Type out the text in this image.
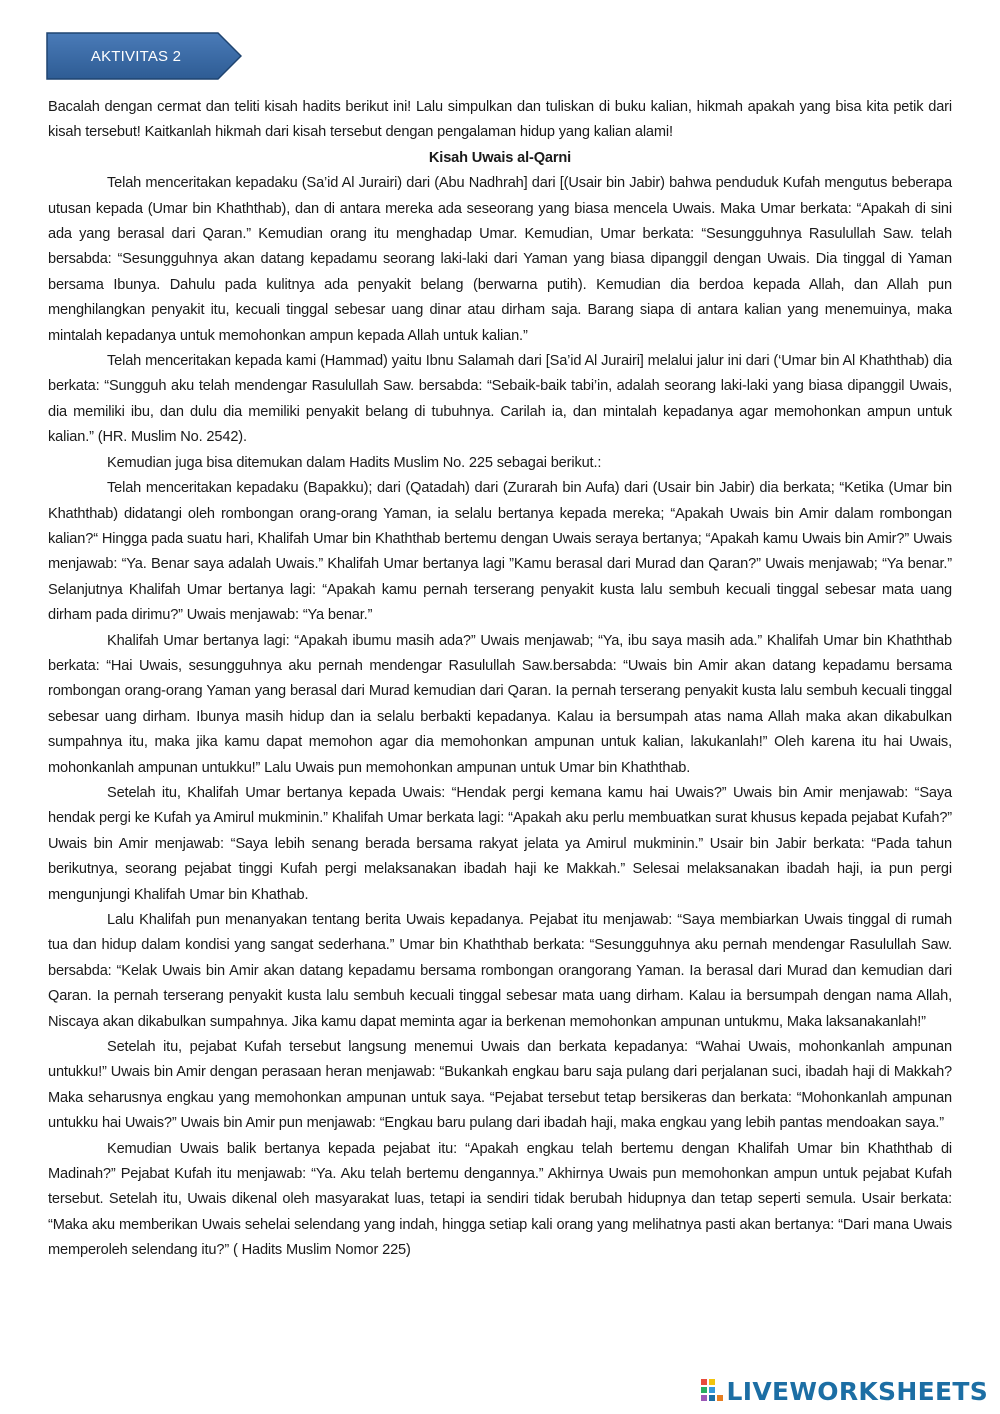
AKTIVITAS 2

Bacalah dengan cermat dan teliti kisah hadits berikut ini! Lalu simpulkan dan tuliskan di buku kalian, hikmah apakah yang bisa kita petik dari kisah tersebut! Kaitkanlah hikmah dari kisah tersebut dengan pengalaman hidup yang kalian alami!

Kisah Uwais al-Qarni

Telah menceritakan kepadaku (Sa’id Al Jurairi) dari (Abu Nadhrah] dari [(Usair bin Jabir) bahwa penduduk Kufah mengutus beberapa utusan kepada (Umar bin Khaththab), dan di antara mereka ada seseorang yang biasa mencela Uwais. Maka Umar berkata: “Apakah di sini ada yang berasal dari Qaran.” Kemudian orang itu menghadap Umar. Kemudian, Umar berkata: “Sesungguhnya Rasulullah Saw. telah bersabda: “Sesungguhnya akan datang kepadamu seorang laki-laki dari Yaman yang biasa dipanggil dengan Uwais. Dia tinggal di Yaman bersama Ibunya. Dahulu pada kulitnya ada penyakit belang (berwarna putih). Kemudian dia berdoa kepada Allah, dan Allah pun menghilangkan penyakit itu, kecuali tinggal sebesar uang dinar atau dirham saja. Barang siapa di antara kalian yang menemuinya, maka mintalah kepadanya untuk memohonkan ampun kepada Allah untuk kalian.”

Telah menceritakan kepada kami (Hammad) yaitu Ibnu Salamah dari [Sa’id Al Jurairi] melalui jalur ini dari (‘Umar bin Al Khaththab) dia berkata: “Sungguh aku telah mendengar Rasulullah Saw. bersabda: “Sebaik-baik tabi’in, adalah seorang laki-laki yang biasa dipanggil Uwais, dia memiliki ibu, dan dulu dia memiliki penyakit belang di tubuhnya. Carilah ia, dan mintalah kepadanya agar memohonkan ampun untuk kalian.” (HR. Muslim No. 2542).

Kemudian juga bisa ditemukan dalam Hadits Muslim No. 225 sebagai berikut.:

Telah menceritakan kepadaku (Bapakku); dari (Qatadah) dari (Zurarah bin Aufa) dari (Usair bin Jabir) dia berkata; “Ketika (Umar bin Khaththab) didatangi oleh rombongan orang-orang Yaman, ia selalu bertanya kepada mereka; “Apakah Uwais bin Amir dalam rombongan kalian?“ Hingga pada suatu hari, Khalifah Umar bin Khaththab bertemu dengan Uwais seraya bertanya; “Apakah kamu Uwais bin Amir?” Uwais menjawab: “Ya. Benar saya adalah Uwais.” Khalifah Umar bertanya lagi ”Kamu berasal dari Murad dan Qaran?” Uwais menjawab; “Ya benar.” Selanjutnya Khalifah Umar bertanya lagi: “Apakah kamu pernah terserang penyakit kusta lalu sembuh kecuali tinggal sebesar mata uang dirham pada dirimu?” Uwais menjawab: “Ya benar.”

Khalifah Umar bertanya lagi: “Apakah ibumu masih ada?” Uwais menjawab; “Ya, ibu saya masih ada.” Khalifah Umar bin Khaththab berkata: “Hai Uwais, sesungguhnya aku pernah mendengar Rasulullah Saw.bersabda: “Uwais bin Amir akan datang kepadamu bersama rombongan orang-orang Yaman yang berasal dari Murad kemudian dari Qaran. Ia pernah terserang penyakit kusta lalu sembuh kecuali tinggal sebesar uang dirham. Ibunya masih hidup dan ia selalu berbakti kepadanya. Kalau ia bersumpah atas nama Allah maka akan dikabulkan sumpahnya itu, maka jika kamu dapat memohon agar dia memohonkan ampunan untuk kalian, lakukanlah!” Oleh karena itu hai Uwais, mohonkanlah ampunan untukku!” Lalu Uwais pun memohonkan ampunan untuk Umar bin Khaththab.

Setelah itu, Khalifah Umar bertanya kepada Uwais: “Hendak pergi kemana kamu hai Uwais?” Uwais bin Amir menjawab: “Saya hendak pergi ke Kufah ya Amirul mukminin.” Khalifah Umar berkata lagi: “Apakah aku perlu membuatkan surat khusus kepada pejabat Kufah?” Uwais bin Amir menjawab: “Saya lebih senang berada bersama rakyat jelata ya Amirul mukminin.” Usair bin Jabir berkata: “Pada tahun berikutnya, seorang pejabat tinggi Kufah pergi melaksanakan ibadah haji ke Makkah.” Selesai melaksanakan ibadah haji, ia pun pergi mengunjungi Khalifah Umar bin Khathab.

Lalu Khalifah pun menanyakan tentang berita Uwais kepadanya. Pejabat itu menjawab: “Saya membiarkan Uwais tinggal di rumah tua dan hidup dalam kondisi yang sangat sederhana.” Umar bin Khaththab berkata: “Sesungguhnya aku pernah mendengar Rasulullah Saw. bersabda: “Kelak Uwais bin Amir akan datang kepadamu bersama rombongan orangorang Yaman. Ia berasal dari Murad dan kemudian dari Qaran. Ia pernah terserang penyakit kusta lalu sembuh kecuali tinggal sebesar mata uang dirham. Kalau ia bersumpah dengan nama Allah, Niscaya akan dikabulkan sumpahnya. Jika kamu dapat meminta agar ia berkenan memohonkan ampunan untukmu, Maka laksanakanlah!”

Setelah itu, pejabat Kufah tersebut langsung menemui Uwais dan berkata kepadanya: “Wahai Uwais, mohonkanlah ampunan untukku!” Uwais bin Amir dengan perasaan heran menjawab: “Bukankah engkau baru saja pulang dari perjalanan suci, ibadah haji di Makkah? Maka seharusnya engkau yang memohonkan ampunan untuk saya. “Pejabat tersebut tetap bersikeras dan berkata: “Mohonkanlah ampunan untukku hai Uwais?” Uwais bin Amir pun menjawab: “Engkau baru pulang dari ibadah haji, maka engkau yang lebih pantas mendoakan saya.”

Kemudian Uwais balik bertanya kepada pejabat itu: “Apakah engkau telah bertemu dengan Khalifah Umar bin Khaththab di Madinah?” Pejabat Kufah itu menjawab: “Ya. Aku telah bertemu dengannya.” Akhirnya Uwais pun memohonkan ampun untuk pejabat Kufah tersebut. Setelah itu, Uwais dikenal oleh masyarakat luas, tetapi ia sendiri tidak berubah hidupnya dan tetap seperti semula. Usair berkata: “Maka aku memberikan Uwais sehelai selendang yang indah, hingga setiap kali orang yang melihatnya pasti akan bertanya: “Dari mana Uwais memperoleh selendang itu?” ( Hadits Muslim Nomor 225)

LIVEWORKSHEETS
